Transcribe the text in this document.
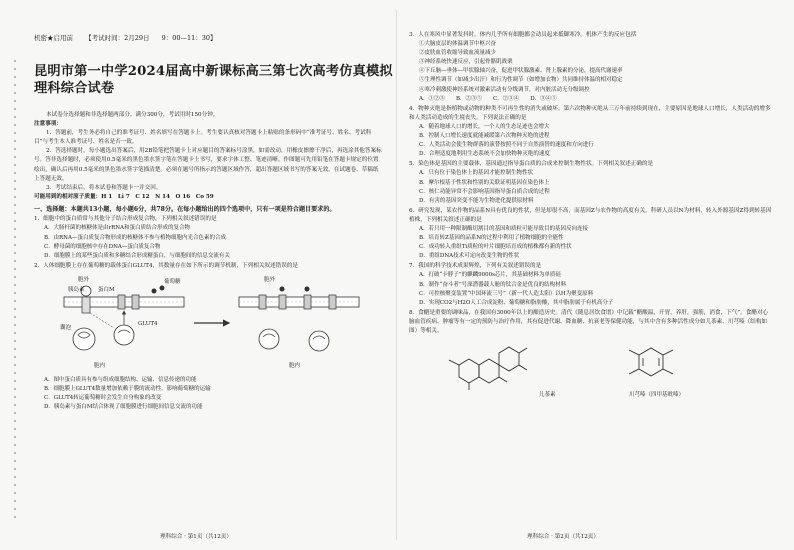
机密★启用前 【考试时间：2月29日 9：00—11：30】
昆明市第一中学2024届高中新课标高三第七次高考仿真模拟
理科综合试卷

本试卷分选择题和非选择题两部分。满分300分，考试用时150分钟。

注意事项：

1．答题前，考生务必将自己的准考证号、姓名填写在答题卡上。考生要认真核对答题卡上粘贴的条形码中“准考证号、姓名、考试科目”与考生本人准考证号、姓名是否一致。

2．答选择题时，每小题选出答案后，用2B铅笔把答题卡上对应题目的答案标号涂黑，如需改动，用橡皮擦擦干净后，再选涂其他答案标号。答非选择题时，必须使用0.5毫米的黑色墨水签字笔在答题卡上书写，要求字体工整、笔迹清晰。作图题可先用铅笔在答题卡规定的位置绘出，确认后再用0.5毫米的黑色墨水签字笔描清楚。必须在题号所指示的答题区域作答，超出答题区域书写的答案无效，在试题卷、草稿纸上答题无效。

3．考试结束后，将本试卷和答题卡一并交回。

可能用到的相对原子质量：H 1　Li 7　C 12　N 14　O 16　Co 59

一、选择题：本题共13小题，每小题6分，共78分。在每小题给出的四个选项中，只有一项是符合题目要求的。
1．细胞中的蛋白质常与其他分子结合形成复合物，下列相关叙述错误的是
A．大肠杆菌的核糖体是由rRNA和蛋白质结合形成的复合物
B．由RNA—蛋白质复合物形成的核糖体不参与植物细胞内光合色素的合成
C．酵母菌的细胞核中存在DNA—蛋白质复合物
D．细胞膜上的某些蛋白质和多糖结合形成糖蛋白，与细胞间的信息交流有关
2．人体细胞膜上存在葡萄糖的载体蛋白GLUT4，其数量存在如下所示的调节机制，下列相关叙述错误的是
胞外
胰岛素 蛋白M
葡萄糖
囊泡
GLUT4
胞内
胞外
胞内
A．图中蛋白质具有参与组成细胞结构、运输、信息传递的功能
B．细胞膜上GLUT4数量增加依赖于膜的流动性，影响葡萄糖的运输
C．GLUT4转运葡萄糖时会发生自身构象的改变
D．胰岛素与蛋白M结合体现了细胞膜进行细胞间信息交流的功能
理科综合 · 第1页（共12页）
3．人在寒风中显著发抖时，体内几乎所有细胞都会动员起来抵御寒冷。机体产生的反应包括
①大脑皮层的体温调节中枢兴奋
②皮肤血管收缩导致血流量减少
③神经系统快速反应，引起骨骼肌战栗
④下丘脑—垂体—甲状腺轴兴奋，促进甲状腺激素、肾上腺素的分泌，提高代谢速率
⑤生理性调节（如减少出汗）和行为性调节（如增加衣物）共同维持体温的相对稳定
⑥寒冷刺激使神经系统对激素活动有分级调节，对内脏活动无分级调控
A．①②③　　B．②③⑤　　C．②③④　　D．③④⑤
4．物种灭绝是指植物或动物的种类不可再生性的消失或破坏。第六次物种灭绝从三万年前持续到现在，主要原因是地球人口增长，人类活动的增多和人类活动造成的生境丧失。下列说法正确的是
A．随着地球人口的增长，一个人的生态足迹也会增大
B．控制人口增长速度就能减缓第六次物种灭绝的进程
C．人类活动会使生物群落的演替按照不同于自然演替的速度和方向进行
D．合理适度地利用生态系统不会加快物种灭绝的速度
5．染色体是基因的主要载体，基因通过指导蛋白质的合成来控制生物性状。下列相关叙述正确的是
A．只有位于染色体上的基因才能控制生物性状
B．摩尔根基于性状和性别的关联证明基因在染色体上
C．核仁功能异常不会影响基因指导蛋白质合成的过程
D．有害的基因突变不能为生物进化提供原材料
6．研究发现，某农作物的品系N具有优良的性状，但是却很不高，而基因Z与农作物的高度有关。科研人员以N为材料，转入外源基因Z得到转基因植株，下列相关叙述正确的是
A．若只用一种限制酶切割目的基因和质粒可能导致目的基因反向连接
B．培育转Z基因的品系N的过程中利用了植物细胞的全能性
C．成功转入重组Ti质粒的叶片细胞培育成的植株都有新的性状
D．重组DNA技术可定向改变生物的性状
7．我国的科学技术成果辉煌，下列有关叙述错误的是
A．打破“卡脖子”的麒麟9000s芯片，其基础材料为单质硅
B．制作“奋斗者”号深潜器载人舱的钛合金是优良的结构材料
C．可控核聚变装置“中国环流三号”（新一代人造太阳）以H为聚变原料
D．实现CO2与H2O人工合成淀粉、葡萄糖和脂肪酸，其中脂肪属于有机高分子
8．食醋是重要的调味品，在我国有3000年以上的酿造历史。清代《随息居饮食谱》中记载“醋酸温，开胃，养肝，强筋，消食，下气”。食醋对心脑血管疾病、肿瘤等有一定的预防与治疗作用，其有促进代谢、降血糖、抗衰老等保健功能，与其中含有多种活性成分如儿茶素、川芎嗪（结构如图）等相关。
儿茶素	川芎嗪（四甲基吡嗪）
理科综合 · 第2页（共12页）
